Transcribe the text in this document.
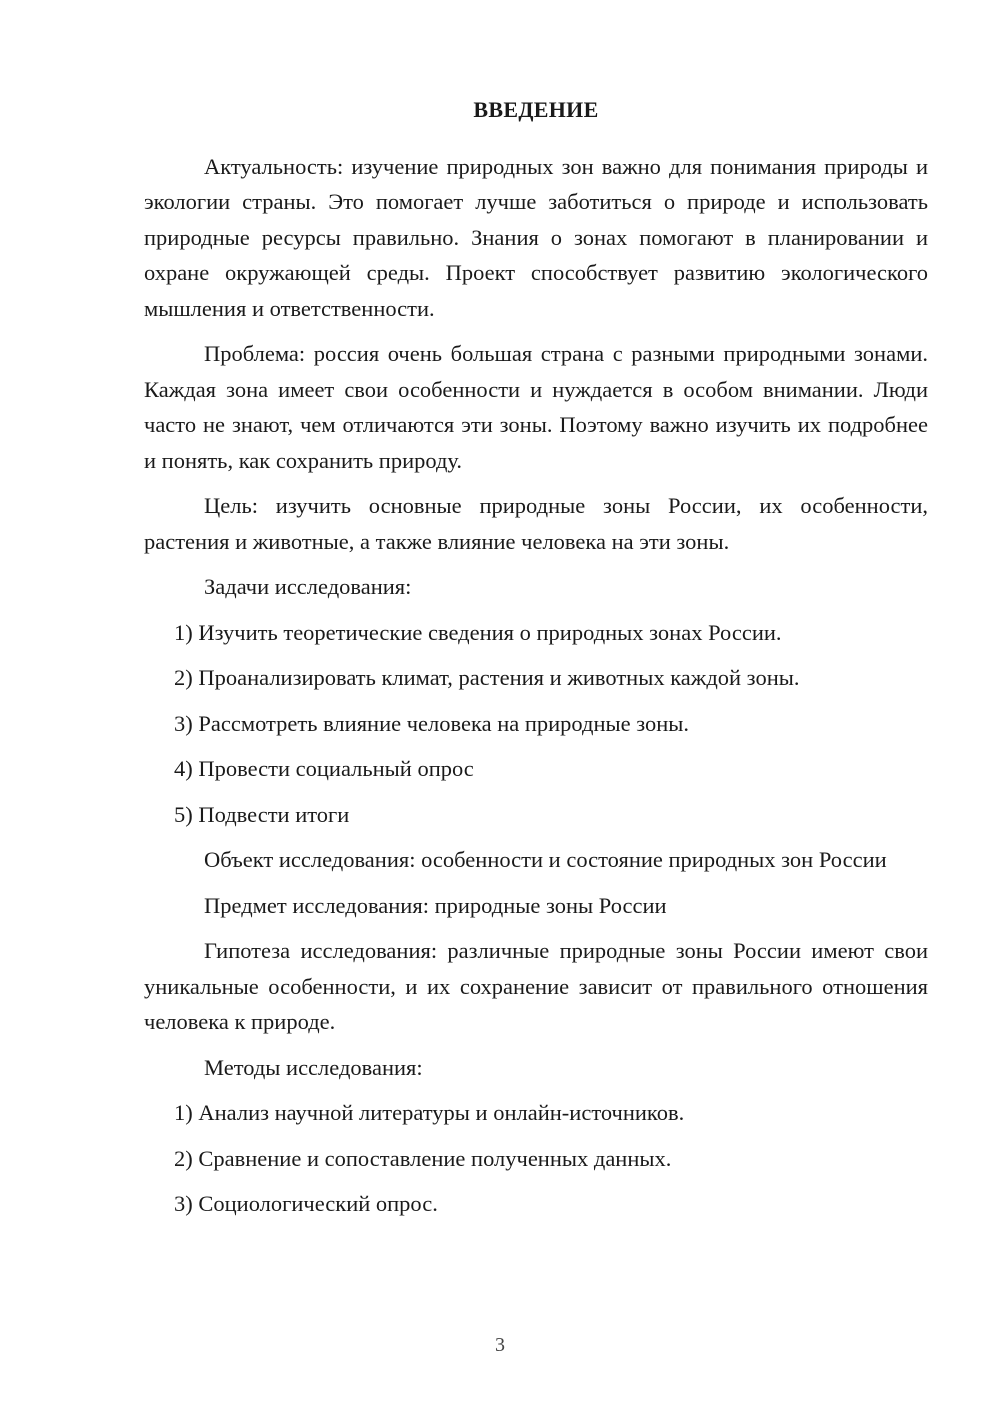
ВВЕДЕНИЕ

Актуальность: изучение природных зон важно для понимания природы и экологии страны. Это помогает лучше заботиться о природе и использовать природные ресурсы правильно. Знания о зонах помогают в планировании и охране окружающей среды. Проект способствует развитию экологического мышления и ответственности.

Проблема: россия очень большая страна с разными природными зонами. Каждая зона имеет свои особенности и нуждается в особом внимании. Люди часто не знают, чем отличаются эти зоны. Поэтому важно изучить их подробнее и понять, как сохранить природу.

Цель: изучить основные природные зоны России, их особенности, растения и животные, а также влияние человека на эти зоны.

Задачи исследования:

1) Изучить теоретические сведения о природных зонах России.

2) Проанализировать климат, растения и животных каждой зоны.

3) Рассмотреть влияние человека на природные зоны.

4) Провести социальный опрос

5) Подвести итоги

Объект исследования: особенности и состояние природных зон России

Предмет исследования: природные зоны России

Гипотеза исследования: различные природные зоны России имеют свои уникальные особенности, и их сохранение зависит от правильного отношения человека к природе.

Методы исследования:

1) Анализ научной литературы и онлайн-источников.

2) Сравнение и сопоставление полученных данных.

3) Социологический опрос.

3
